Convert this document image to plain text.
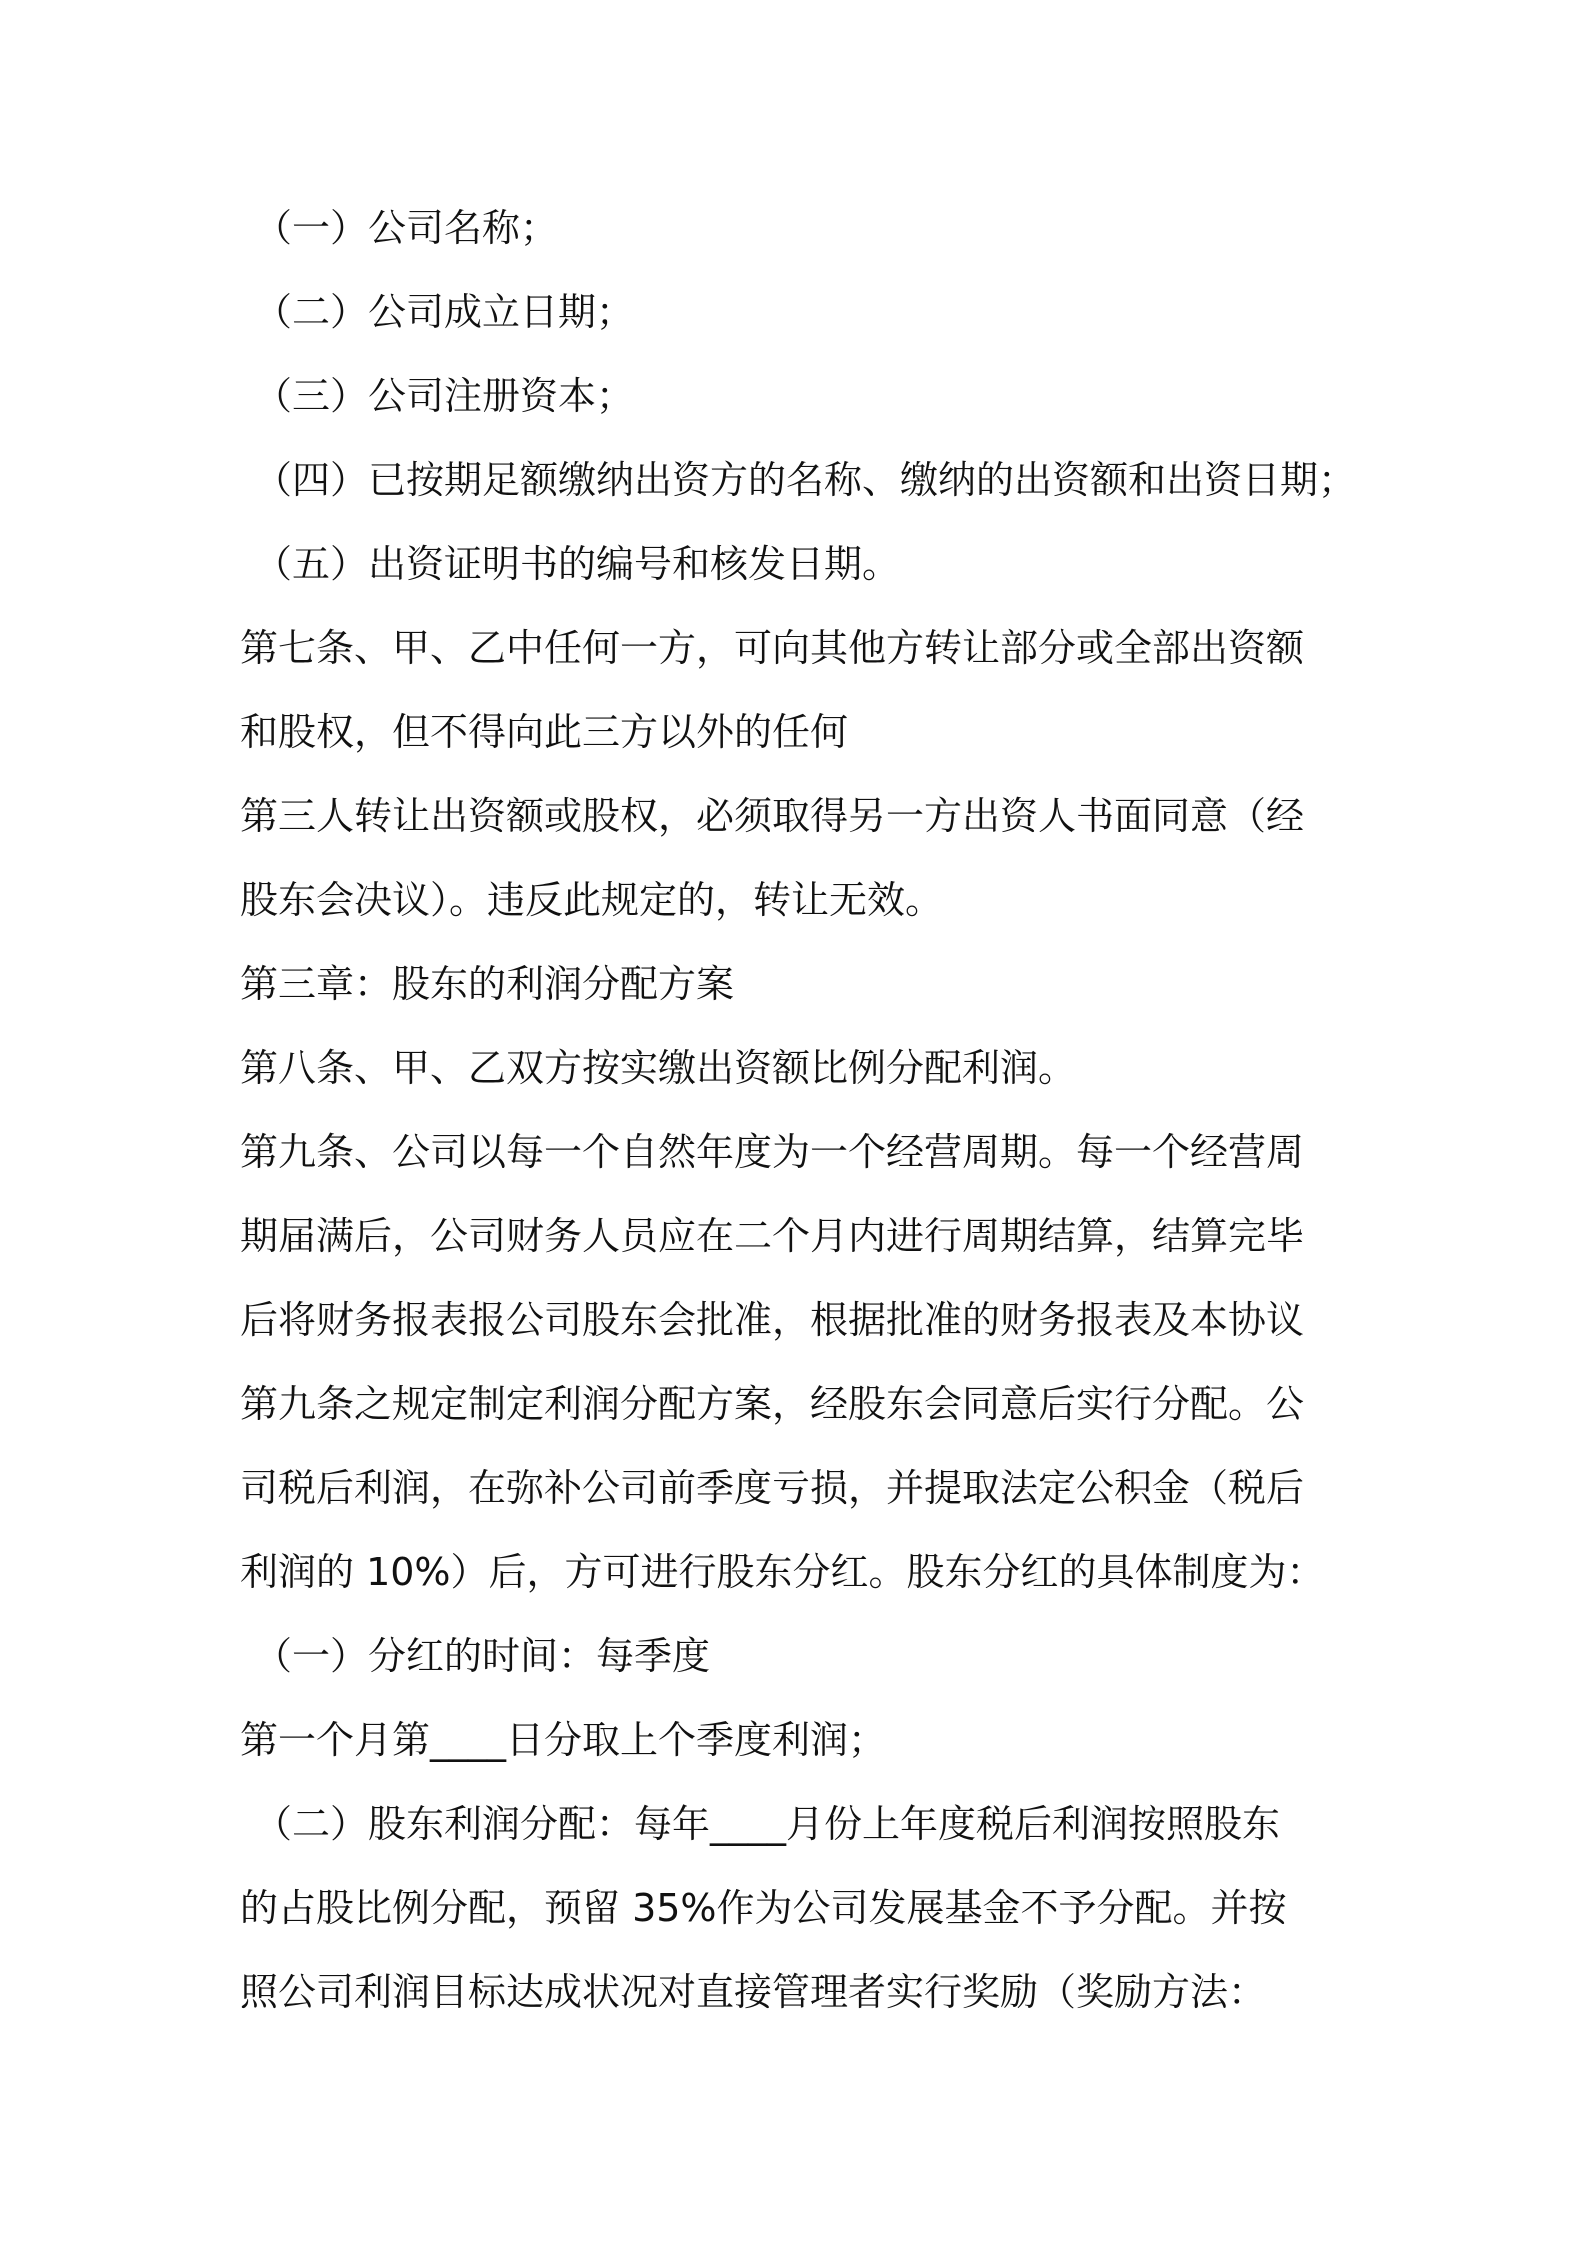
（一）公司名称；
（二）公司成立日期；
（三）公司注册资本；
（四）已按期足额缴纳出资方的名称、缴纳的出资额和出资日期；
（五）出资证明书的编号和核发日期。
第七条、甲、乙中任何一方，可向其他方转让部分或全部出资额
和股权，但不得向此三方以外的任何
第三人转让出资额或股权，必须取得另一方出资人书面同意（经
股东会决议）。违反此规定的，转让无效。
第三章：股东的利润分配方案
第八条、甲、乙双方按实缴出资额比例分配利润。
第九条、公司以每一个自然年度为一个经营周期。每一个经营周
期届满后，公司财务人员应在二个月内进行周期结算，结算完毕
后将财务报表报公司股东会批准，根据批准的财务报表及本协议
第九条之规定制定利润分配方案，经股东会同意后实行分配。公
司税后利润，在弥补公司前季度亏损，并提取法定公积金（税后
利润的 10%）后，方可进行股东分红。股东分红的具体制度为：
（一）分红的时间：每季度
第一个月第____日分取上个季度利润；
（二）股东利润分配：每年____月份上年度税后利润按照股东
的占股比例分配，预留 35%作为公司发展基金不予分配。并按
照公司利润目标达成状况对直接管理者实行奖励（奖励方法：
